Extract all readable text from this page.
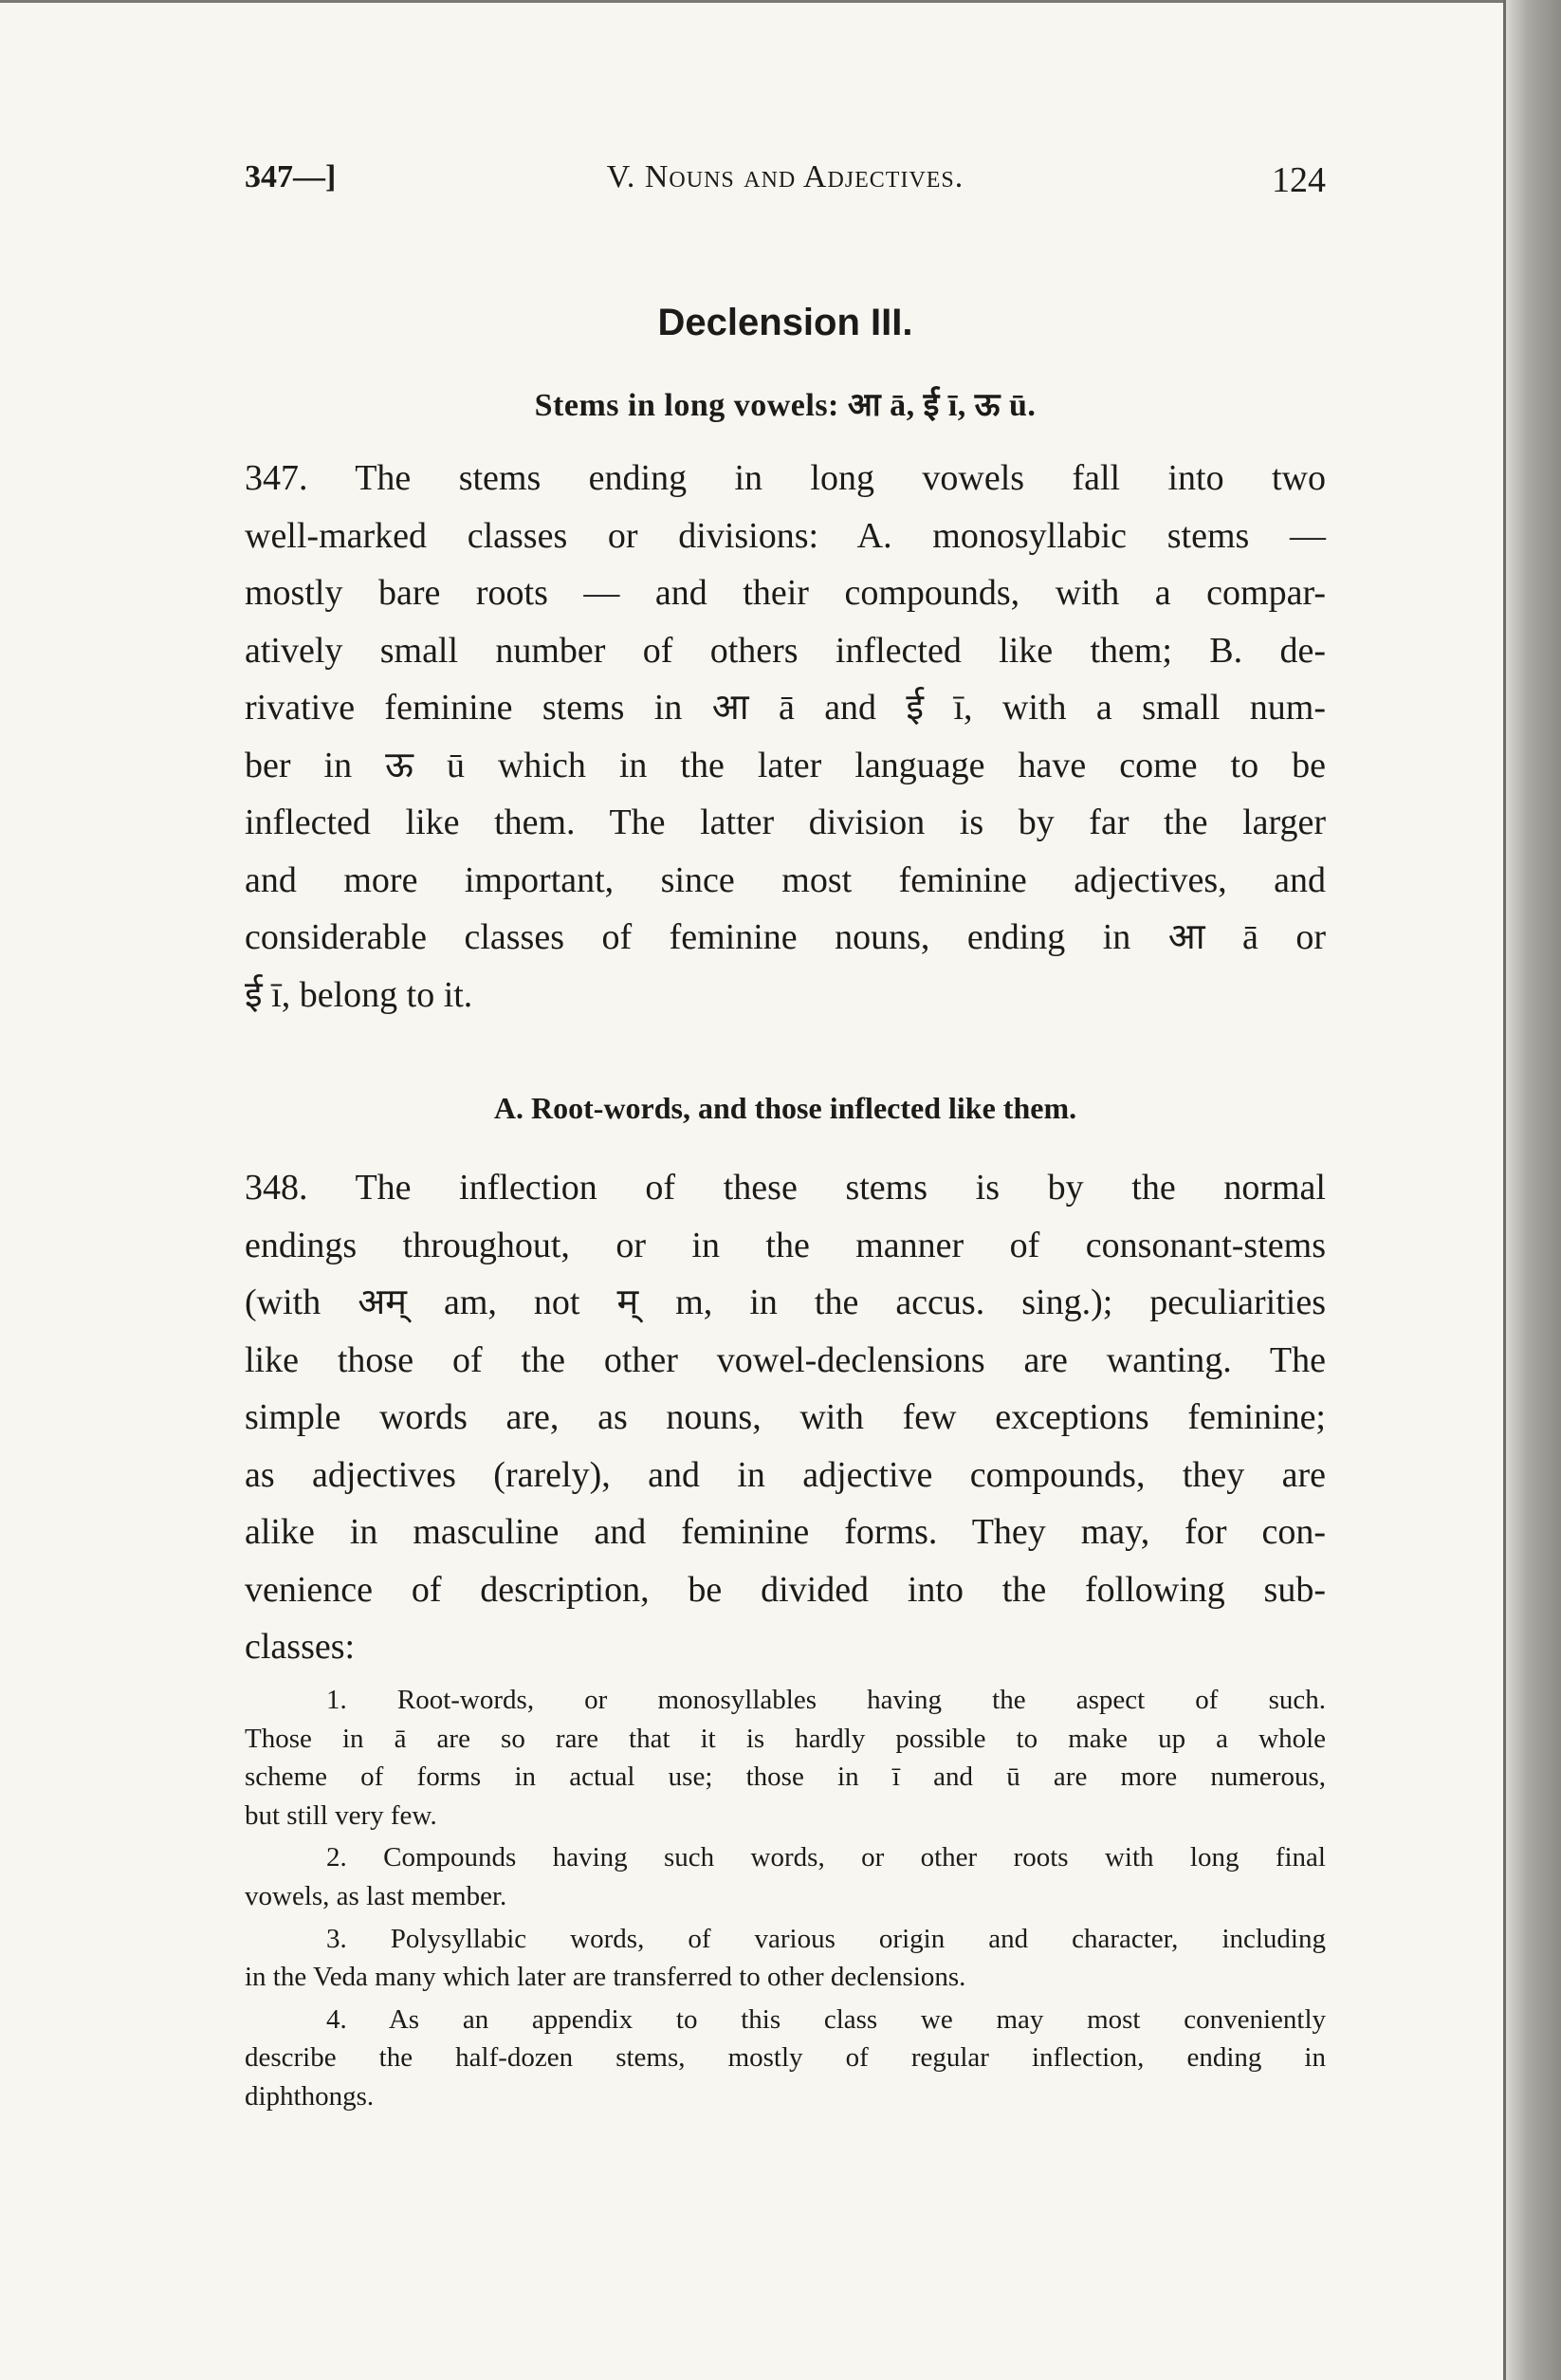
347—]	V. Nouns and Adjectives.	124
Declension III.
Stems in long vowels: आ ā, ई ī, ऊ ū.
347. The stems ending in long vowels fall into two
well-marked classes or divisions: A. monosyllabic stems —
mostly bare roots — and their compounds, with a compar-
atively small number of others inflected like them; B. de-
rivative feminine stems in आ ā and ई ī, with a small num-
ber in ऊ ū which in the later language have come to be
inflected like them. The latter division is by far the larger
and more important, since most feminine adjectives, and
considerable classes of feminine nouns, ending in आ ā or
ई ī, belong to it.
A. Root-words, and those inflected like them.
348. The inflection of these stems is by the normal
endings throughout, or in the manner of consonant-stems
(with अम् am, not म् m, in the accus. sing.); peculiarities
like those of the other vowel-declensions are wanting. The
simple words are, as nouns, with few exceptions feminine;
as adjectives (rarely), and in adjective compounds, they are
alike in masculine and feminine forms. They may, for con-
venience of description, be divided into the following sub-
classes:
1. Root-words, or monosyllables having the aspect of such.
Those in ā are so rare that it is hardly possible to make up a whole
scheme of forms in actual use; those in ī and ū are more numerous,
but still very few.
2. Compounds having such words, or other roots with long final
vowels, as last member.
3. Polysyllabic words, of various origin and character, including
in the Veda many which later are transferred to other declensions.
4. As an appendix to this class we may most conveniently
describe the half-dozen stems, mostly of regular inflection, ending in
diphthongs.
